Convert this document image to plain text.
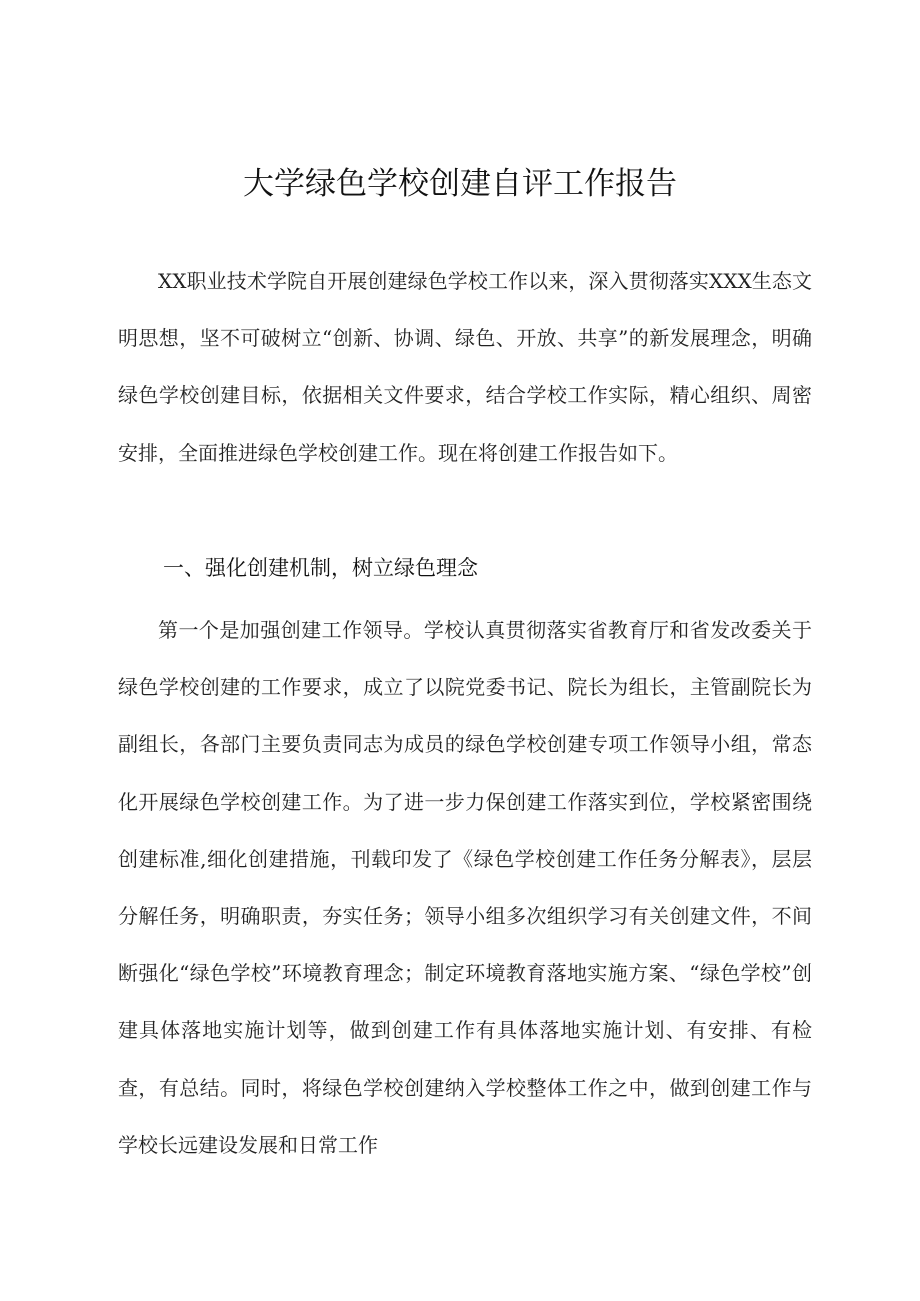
大学绿色学校创建自评工作报告

XX职业技术学院自开展创建绿色学校工作以来，深入贯彻落实XXX生态文明思想，坚不可破树立“创新、协调、绿色、开放、共享”的新发展理念，明确绿色学校创建目标，依据相关文件要求，结合学校工作实际，精心组织、周密安排，全面推进绿色学校创建工作。现在将创建工作报告如下。

一、强化创建机制，树立绿色理念

第一个是加强创建工作领导。学校认真贯彻落实省教育厅和省发改委关于绿色学校创建的工作要求，成立了以院党委书记、院长为组长，主管副院长为副组长，各部门主要负责同志为成员的绿色学校创建专项工作领导小组，常态化开展绿色学校创建工作。为了进一步力保创建工作落实到位，学校紧密围绕创建标准,细化创建措施，刊载印发了《绿色学校创建工作任务分解表》，层层分解任务，明确职责，夯实任务；领导小组多次组织学习有关创建文件，不间断强化“绿色学校”环境教育理念；制定环境教育落地实施方案、“绿色学校”创建具体落地实施计划等，做到创建工作有具体落地实施计划、有安排、有检查，有总结。同时，将绿色学校创建纳入学校整体工作之中，做到创建工作与学校长远建设发展和日常工作
